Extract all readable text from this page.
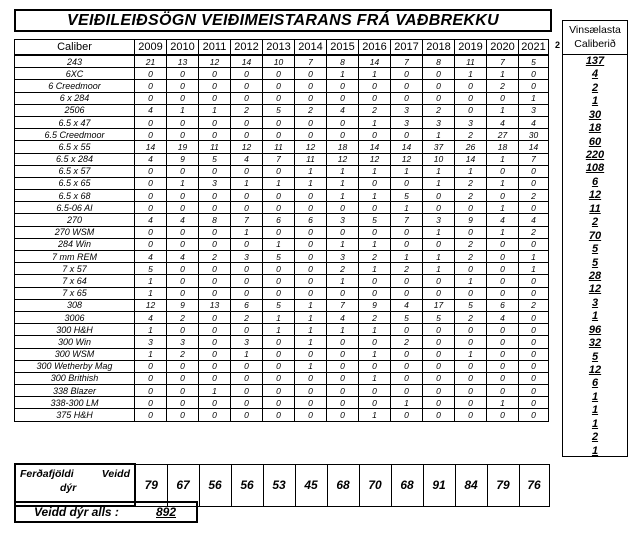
VEIÐILEIÐSÖGN VEIÐIMEISTARANS FRÁ VAÐBREKKU
Caliber	2009	2010	2011	2012	2013	2014	2015	2016	2017	2018	2019	2020	2021
243	21	13	12	14	10	7	8	14	7	8	11	7	5
6XC	0	0	0	0	0	0	1	1	0	0	1	1	0
6 Creedmoor	0	0	0	0	0	0	0	0	0	0	0	2	0
6 x 284	0	0	0	0	0	0	0	0	0	0	0	0	1
2506	4	1	1	2	5	2	4	2	3	2	0	1	3
6.5 x 47	0	0	0	0	0	0	0	1	3	3	3	4	4
6.5 Creedmoor	0	0	0	0	0	0	0	0	0	1	2	27	30
6.5 x 55	14	19	11	12	11	12	18	14	14	37	26	18	14
6.5 x 284	4	9	5	4	7	11	12	12	12	10	14	1	7
6.5 x 57	0	0	0	0	0	1	1	1	1	1	1	0	0
6.5 x 65	0	1	3	1	1	1	1	0	0	1	2	1	0
6.5 x 68	0	0	0	0	0	0	1	1	5	0	2	0	2
6.5-06 AI	0	0	0	0	0	0	0	0	1	0	0	1	0
270	4	4	8	7	6	6	3	5	7	3	9	4	4
270 WSM	0	0	0	1	0	0	0	0	0	1	0	1	2
284 Win	0	0	0	0	1	0	1	1	0	0	2	0	0
7 mm REM	4	4	2	3	5	0	3	2	1	1	2	0	1
7 x 57	5	0	0	0	0	0	2	1	2	1	0	0	1
7 x 64	1	0	0	0	0	0	1	0	0	0	1	0	0
7 x 65	1	0	0	0	0	0	0	0	0	0	0	0	0
308	12	9	13	6	5	1	7	9	4	17	5	6	2
3006	4	2	0	2	1	1	4	2	5	5	2	4	0
300 H&H	1	0	0	0	1	1	1	1	0	0	0	0	0
300 Win	3	3	0	3	0	1	0	0	2	0	0	0	0
300 WSM	1	2	0	1	0	0	0	1	0	0	1	0	0
300 Wetherby Mag	0	0	0	0	0	1	0	0	0	0	0	0	0
300 Brithish	0	0	0	0	0	0	0	1	0	0	0	0	0
338 Blazer	0	0	1	0	0	0	0	0	0	0	0	0	0
338-300 LM	0	0	0	0	0	0	0	0	1	0	0	1	0
375 H&H	0	0	0	0	0	0	0	1	0	0	0	0	0
2
Vinsælasta
Caliberið
137
4
2
1
30
18
60
220
108
6
12
11
2
70
5
5
28
12
3
1
96
32
5
12
6
1
1
1
2
1
Ferðafjöldi	Veidd

dýr	79	67	56	56	53	45	68	70	68	91	84	79	76
Veidd dýr alls :	892
